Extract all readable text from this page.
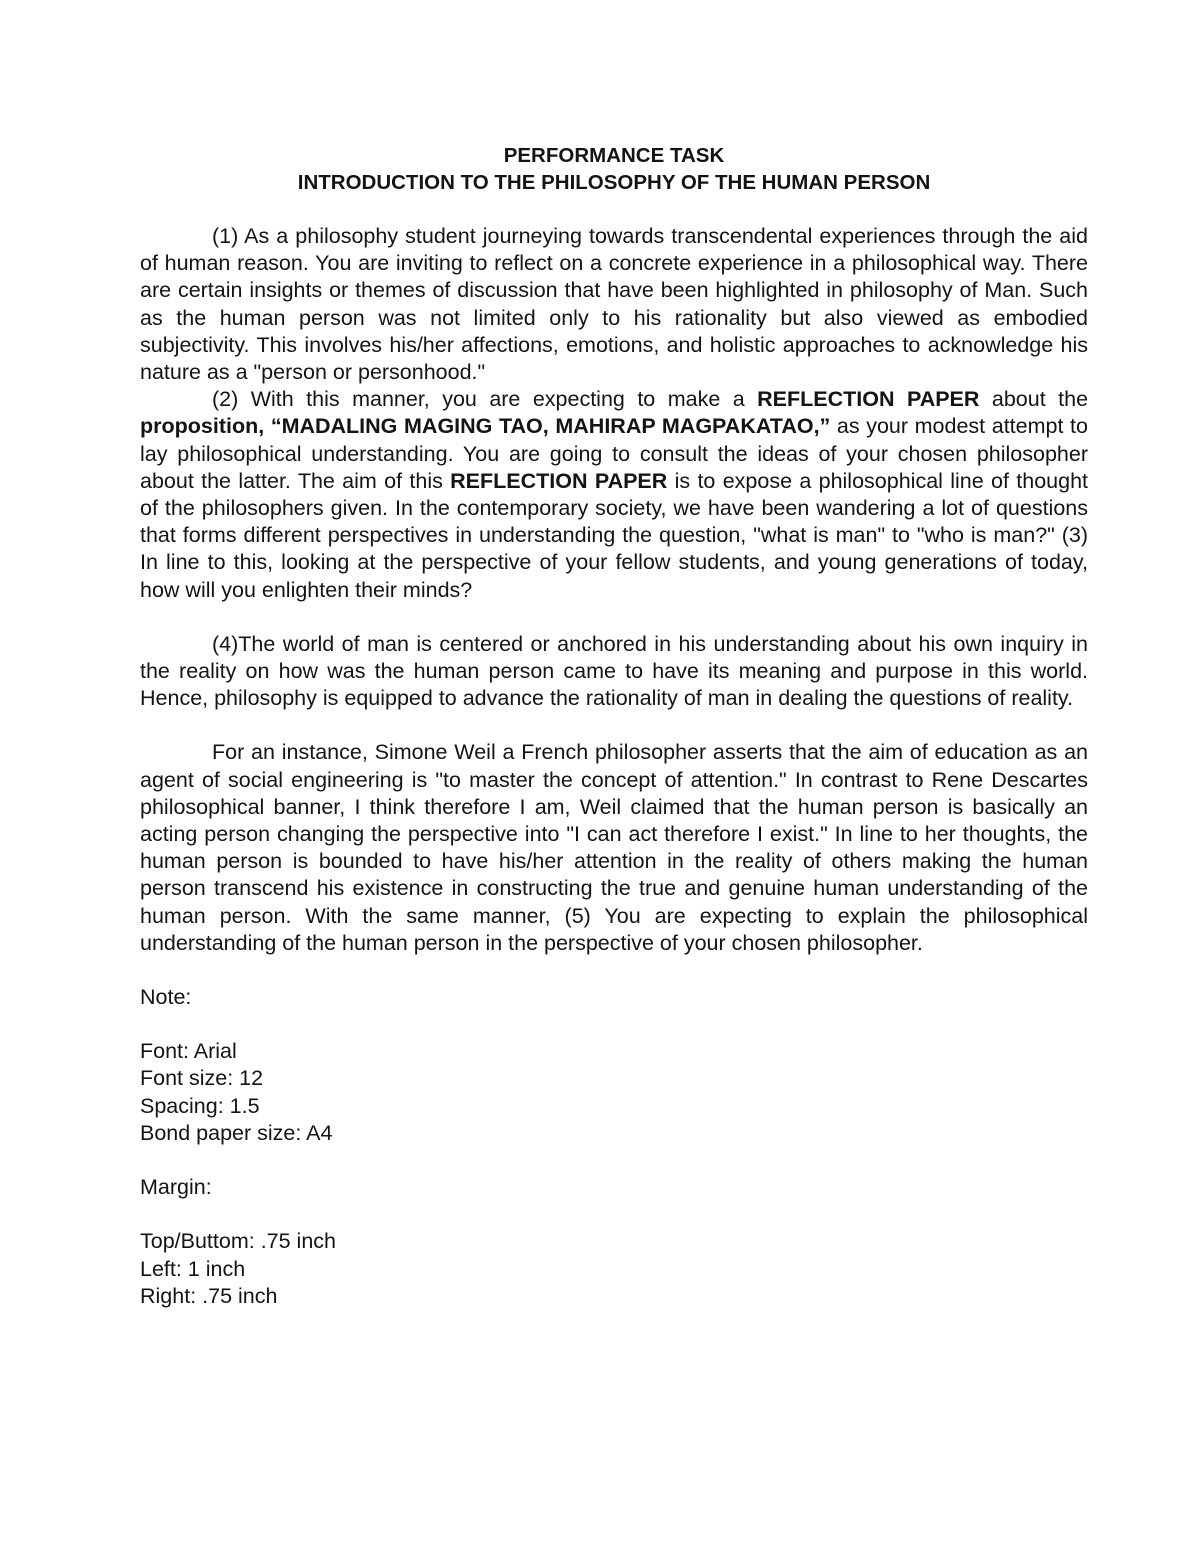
PERFORMANCE TASK

INTRODUCTION TO THE PHILOSOPHY OF THE HUMAN PERSON

(1) As a philosophy student journeying towards transcendental experiences through the aid of human reason. You are inviting to reflect on a concrete experience in a philosophical way. There are certain insights or themes of discussion that have been highlighted in philosophy of Man. Such as the human person was not limited only to his rationality but also viewed as embodied subjectivity. This involves his/her affections, emotions, and holistic approaches to acknowledge his nature as a "person or personhood."

(2) With this manner, you are expecting to make a REFLECTION PAPER about the proposition, “MADALING MAGING TAO, MAHIRAP MAGPAKATAO,” as your modest attempt to lay philosophical understanding. You are going to consult the ideas of your chosen philosopher about the latter. The aim of this REFLECTION PAPER is to expose a philosophical line of thought of the philosophers given. In the contemporary society, we have been wandering a lot of questions that forms different perspectives in understanding the question, "what is man" to "who is man?" (3) In line to this, looking at the perspective of your fellow students, and young generations of today, how will you enlighten their minds?

(4)The world of man is centered or anchored in his understanding about his own inquiry in the reality on how was the human person came to have its meaning and purpose in this world. Hence, philosophy is equipped to advance the rationality of man in dealing the questions of reality.

For an instance, Simone Weil a French philosopher asserts that the aim of education as an agent of social engineering is "to master the concept of attention." In contrast to Rene Descartes philosophical banner, I think therefore I am, Weil claimed that the human person is basically an acting person changing the perspective into "I can act therefore I exist." In line to her thoughts, the human person is bounded to have his/her attention in the reality of others making the human person transcend his existence in constructing the true and genuine human understanding of the human person. With the same manner, (5) You are expecting to explain the philosophical understanding of the human person in the perspective of your chosen philosopher.

Note:

Font: Arial

Font size: 12

Spacing: 1.5

Bond paper size: A4

Margin:

Top/Buttom: .75 inch

Left: 1 inch

Right: .75 inch
